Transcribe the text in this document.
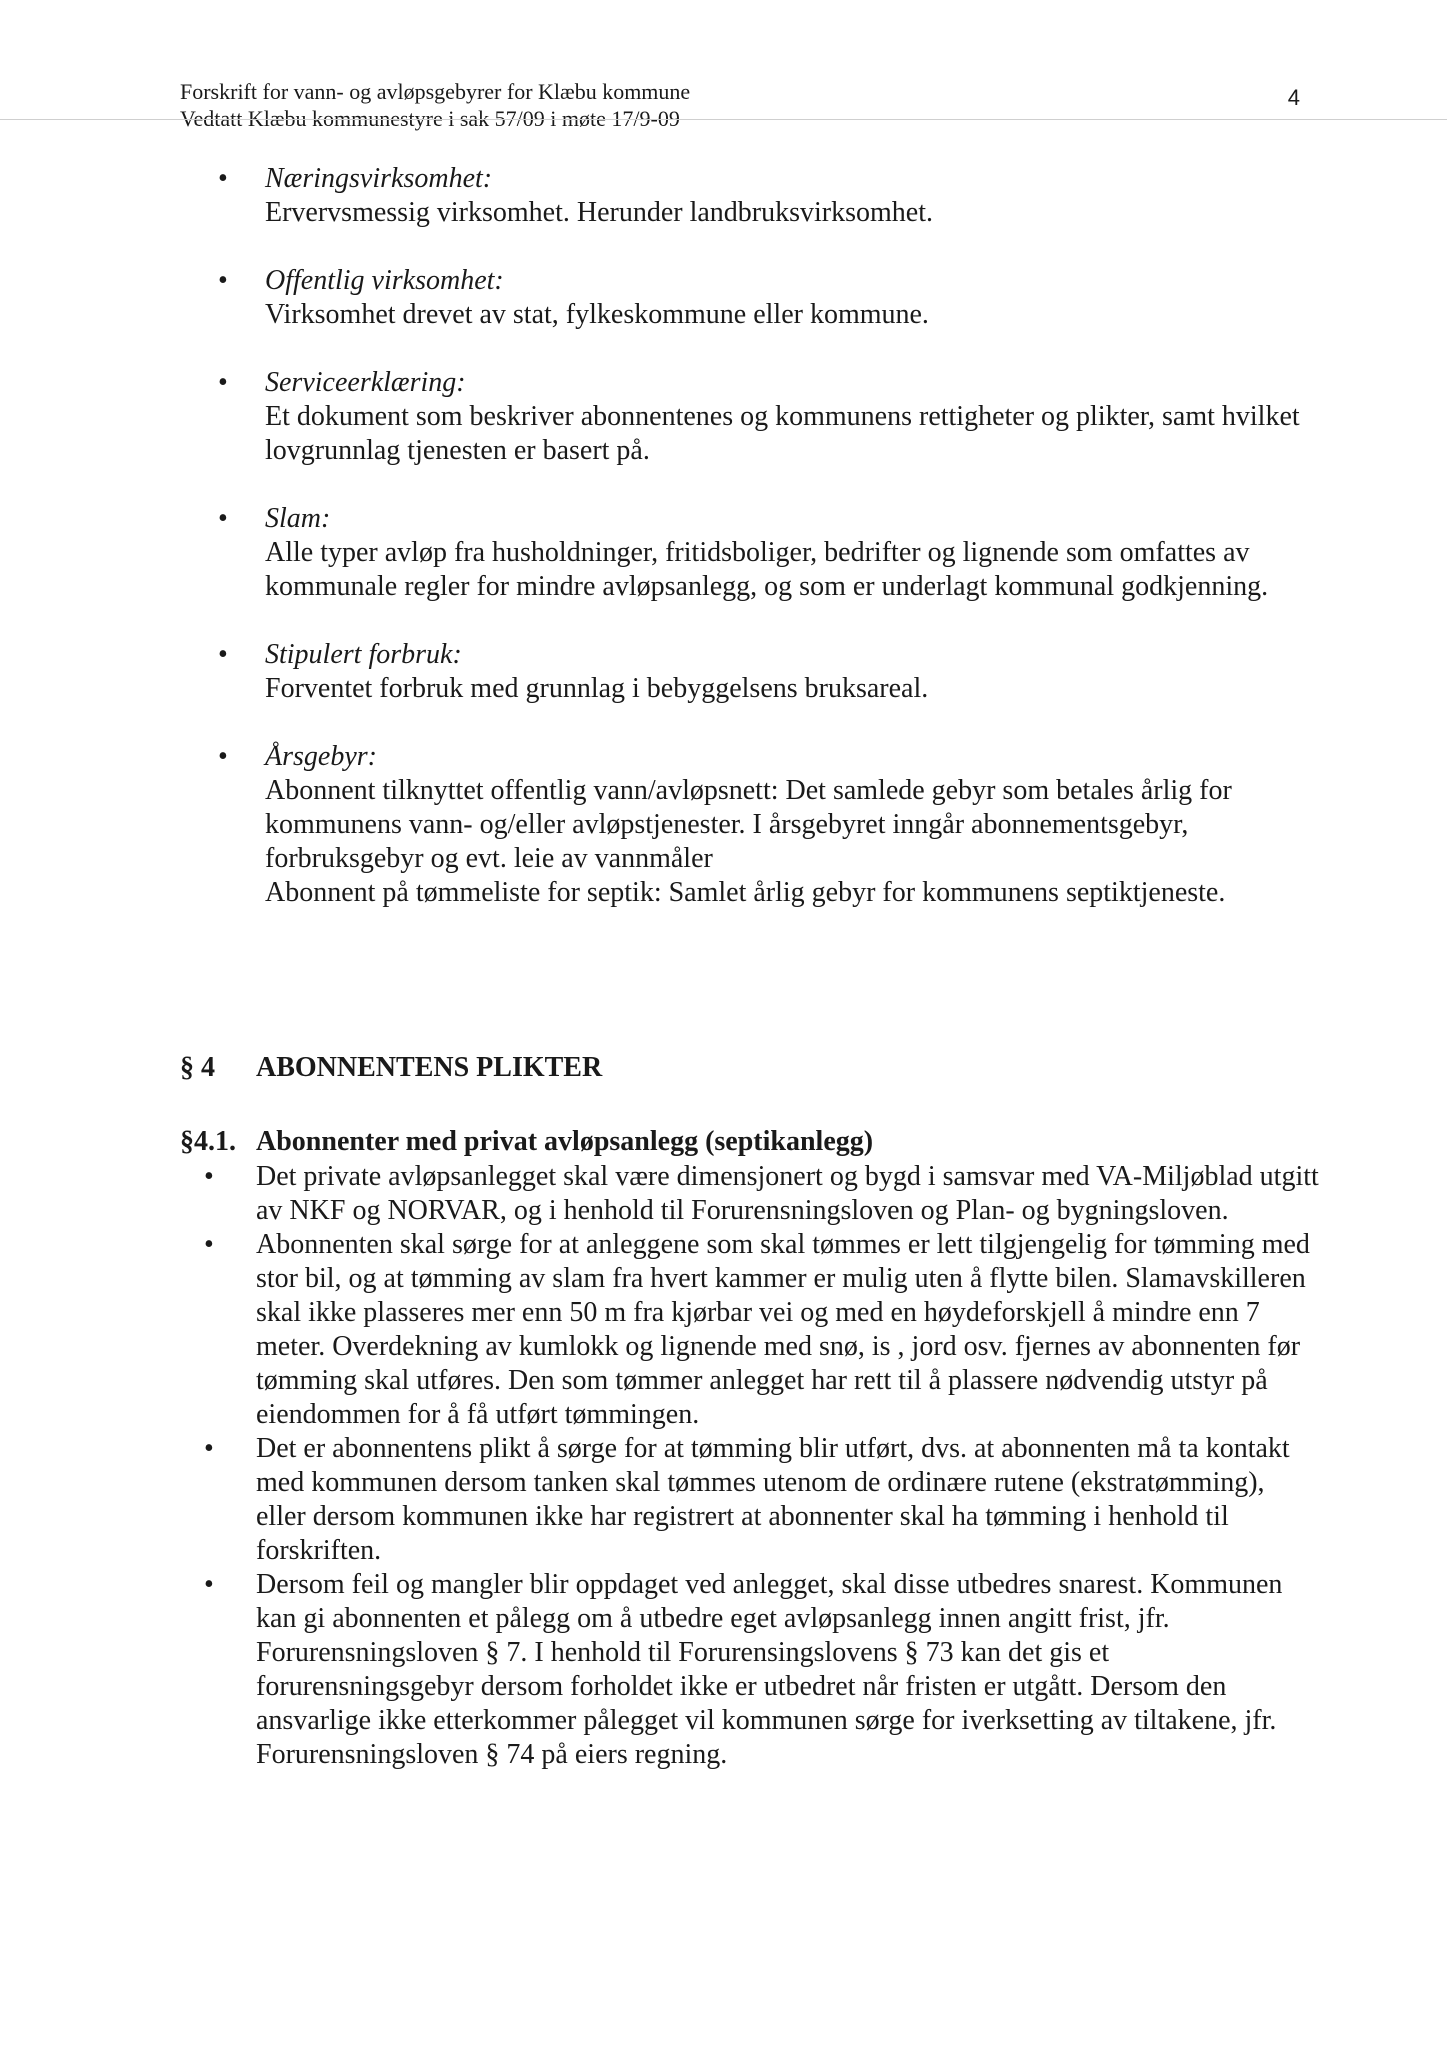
Forskrift for vann- og avløpsgebyrer for Klæbu kommune
Vedtatt Klæbu kommunestyre i sak 57/09 i møte 17/9-09
4

• Næringsvirksomhet:

Ervervsmessig virksomhet. Herunder landbruksvirksomhet.

• Offentlig virksomhet:

Virksomhet drevet av stat, fylkeskommune eller kommune.

• Serviceerklæring:

Et dokument som beskriver abonnentenes og kommunens rettigheter og plikter, samt hvilket lovgrunnlag tjenesten er basert på.

• Slam:

Alle typer avløp fra husholdninger, fritidsboliger, bedrifter og lignende som omfattes av kommunale regler for mindre avløpsanlegg, og som er underlagt kommunal godkjenning.

• Stipulert forbruk:

Forventet forbruk med grunnlag i bebyggelsens bruksareal.

• Årsgebyr:

Abonnent tilknyttet offentlig vann/avløpsnett: Det samlede gebyr som betales årlig for kommunens vann- og/eller avløpstjenester. I årsgebyret inngår abonnementsgebyr, forbruksgebyr og evt. leie av vannmåler

Abonnent på tømmeliste for septik: Samlet årlig gebyr for kommunens septiktjeneste.

§ 4 ABONNENTENS PLIKTER
§4.1. Abonnenter med privat avløpsanlegg (septikanlegg)
• Det private avløpsanlegget skal være dimensjonert og bygd i samsvar med VA-Miljøblad utgitt av NKF og NORVAR, og i henhold til Forurensningsloven og Plan- og bygningsloven.
• Abonnenten skal sørge for at anleggene som skal tømmes er lett tilgjengelig for tømming med stor bil, og at tømming av slam fra hvert kammer er mulig uten å flytte bilen. Slamavskilleren skal ikke plasseres mer enn 50 m fra kjørbar vei og med en høydeforskjell å mindre enn 7 meter. Overdekning av kumlokk og lignende med snø, is , jord osv. fjernes av abonnenten før tømming skal utføres. Den som tømmer anlegget har rett til å plassere nødvendig utstyr på eiendommen for å få utført tømmingen.
• Det er abonnentens plikt å sørge for at tømming blir utført, dvs. at abonnenten må ta kontakt med kommunen dersom tanken skal tømmes utenom de ordinære rutene (ekstratømming), eller dersom kommunen ikke har registrert at abonnenter skal ha tømming i henhold til forskriften.
• Dersom feil og mangler blir oppdaget ved anlegget, skal disse utbedres snarest. Kommunen kan gi abonnenten et pålegg om å utbedre eget avløpsanlegg innen angitt frist, jfr. Forurensningsloven § 7. I henhold til Forurensingslovens § 73 kan det gis et forurensningsgebyr dersom forholdet ikke er utbedret når fristen er utgått. Dersom den ansvarlige ikke etterkommer pålegget vil kommunen sørge for iverksetting av tiltakene, jfr. Forurensningsloven § 74 på eiers regning.
